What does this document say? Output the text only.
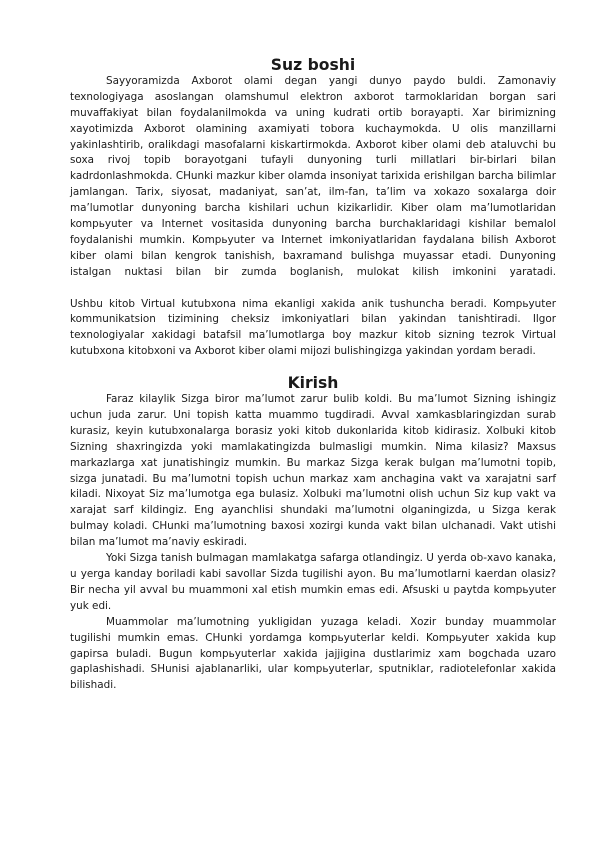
Suz boshi

Sayyoramizda Axborot olami degan yangi dunyo paydo buldi. Zamonaviy texnologiyaga asoslangan olamshumul elektron axborot tarmoklaridan borgan sari muvaffakiyat bilan foydalanilmokda va uning kudrati ortib borayapti. Xar birimizning xayotimizda Axborot olamining axamiyati tobora kuchaymokda. U olis manzillarni yakinlashtirib, oralikdagi masofalarni kiskartirmokda. Axborot kiber olami deb ataluvchi bu soxa rivoj topib borayotgani tufayli dunyoning turli millatlari bir-birlari bilan kadrdonlashmokda. CHunki mazkur kiber olamda insoniyat tarixida erishilgan barcha bilimlar jamlangan. Tarix, siyosat, madaniyat, san’at, ilm-fan, ta’lim va xokazo soxalarga doir ma’lumotlar dunyoning barcha kishilari uchun kizikarlidir. Kiber olam ma’lumotlaridan kompьyuter va Internet vositasida dunyoning barcha burchaklaridagi kishilar bemalol foydalanishi mumkin. Kompьyuter va Internet imkoniyatlaridan faydalana bilish Axborot kiber olami bilan kengrok tanishish, baxramand bulishga muyassar etadi. Dunyoning istalgan nuktasi bilan bir zumda boglanish, mulokat kilish imkonini yaratadi.

Ushbu kitob Virtual kutubxona nima ekanligi xakida anik tushuncha beradi. Kompьyuter kommunikatsion tizimining cheksiz imkoniyatlari bilan yakindan tanishtiradi. Ilgor texnologiyalar xakidagi batafsil ma’lumotlarga boy mazkur kitob sizning tezrok Virtual kutubxona kitobxoni va Axborot kiber olami mijozi bulishingizga yakindan yordam beradi.

Kirish

Faraz kilaylik Sizga biror ma’lumot zarur bulib koldi. Bu ma’lumot Sizning ishingiz uchun juda zarur. Uni topish katta muammo tugdiradi. Avval xamkasblaringizdan surab kurasiz, keyin kutubxonalarga borasiz yoki kitob dukonlarida kitob kidirasiz. Xolbuki kitob Sizning shaxringizda yoki mamlakatingizda bulmasligi mumkin. Nima kilasiz? Maxsus markazlarga xat junatishingiz mumkin. Bu markaz Sizga kerak bulgan ma’lumotni topib, sizga junatadi. Bu ma’lumotni topish uchun markaz xam anchagina vakt va xarajatni sarf kiladi. Nixoyat Siz ma’lumotga ega bulasiz. Xolbuki ma’lumotni olish uchun Siz kup vakt va xarajat sarf kildingiz. Eng ayanchlisi shundaki ma’lumotni olganingizda, u Sizga kerak bulmay koladi. CHunki ma’lumotning baxosi xozirgi kunda vakt bilan ulchanadi. Vakt utishi bilan ma’lumot ma’naviy eskiradi.

Yoki Sizga tanish bulmagan mamlakatga safarga otlandingiz. U yerda ob-xavo kanaka, u yerga kanday boriladi kabi savollar Sizda tugilishi ayon. Bu ma’lumotlarni kaerdan olasiz? Bir necha yil avval bu muammoni xal etish mumkin emas edi. Afsuski u paytda kompьyuter yuk edi.

Muammolar ma’lumotning yukligidan yuzaga keladi. Xozir bunday muammolar tugilishi mumkin emas. CHunki yordamga kompьyuterlar keldi. Kompьyuter xakida kup gapirsa buladi. Bugun kompьyuterlar xakida jajjigina dustlarimiz xam bogchada uzaro gaplashishadi. SHunisi ajablanarliki, ular kompьyuterlar, sputniklar, radiotelefonlar xakida bilishadi.
